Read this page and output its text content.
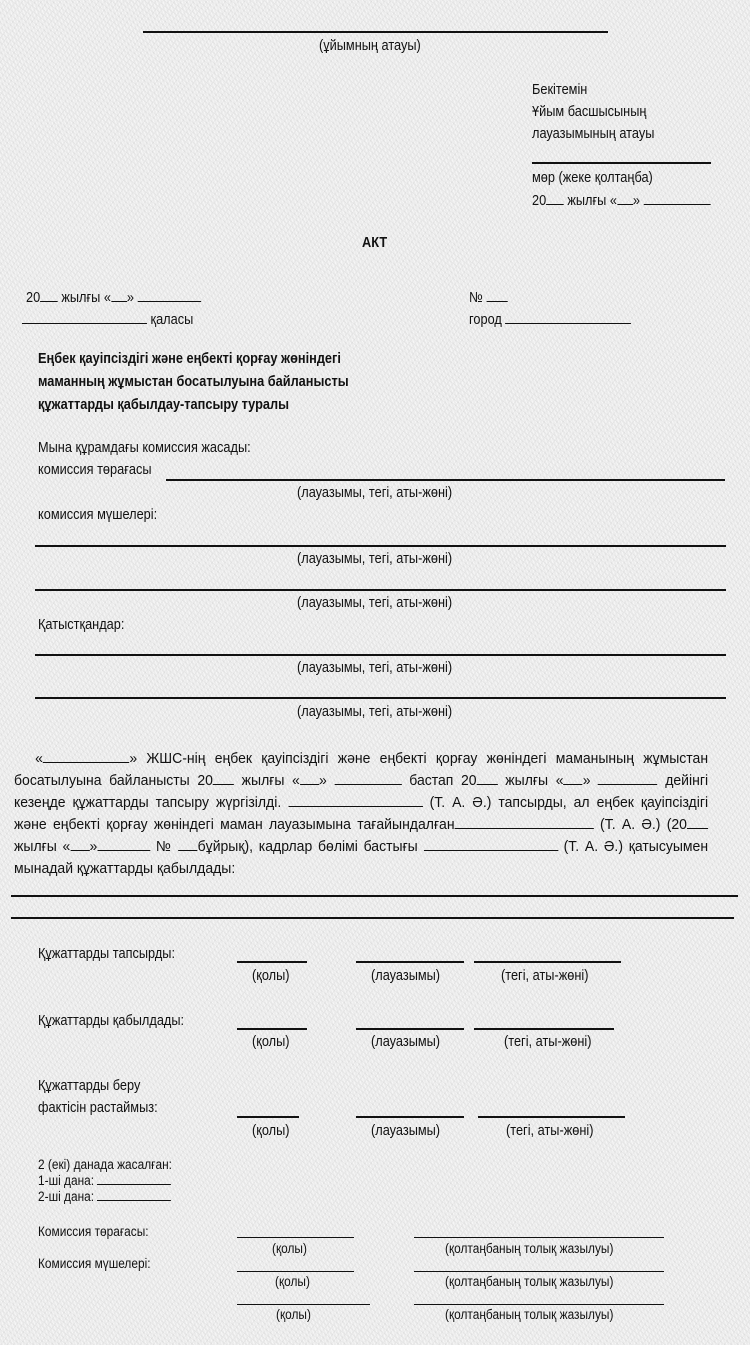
(ұйымның атауы)
Бекітемін
Ұйым басшысының
лауазымының атауы
мөр (жеке қолтаңба)
20 жылғы « »
АКТ
20 жылғы « »
қаласы
№
город
Еңбек қауіпсіздігі және еңбекті қорғау жөніндегі
маманның жұмыстан босатылуына байланысты
құжаттарды қабылдау-тапсыру туралы
Мына құрамдағы комиссия жасады:
комиссия төрағасы
(лауазымы, тегі, аты-жөні)
комиссия мүшелері:
(лауазымы, тегі, аты-жөні)
(лауазымы, тегі, аты-жөні)
Қатыстқандар:
(лауазымы, тегі, аты-жөні)
(лауазымы, тегі, аты-жөні)
«	» ЖШС-нің еңбек қауіпсіздігі және еңбекті қорғау жөніндегі маманының жұмыстан босатылуына байланысты 20 жылғы « »	бастап 20 жылғы « »	дейінгі кезеңде құжаттарды тапсыру жүргізілді.	(Т. А. Ә.) тапсырды, ал еңбек қауіпсіздігі және еңбекті қорғау жөніндегі маман лауазымына тағайындалған	(Т. А. Ә.) (20 жылғы « »	№ бұйрық), кадрлар бөлімі бастығы	(Т. А. Ә.) қатысуымен мынадай құжаттарды қабылдады:
Құжаттарды тапсырды:
(қолы)	(лауазымы)	(тегі, аты-жөні)
Құжаттарды қабылдады:
(қолы)	(лауазымы)	(тегі, аты-жөні)
Құжаттарды беру
фактісін растаймыз:
(қолы)	(лауазымы)	(тегі, аты-жөні)
2 (екі) данада жасалған:
1-ші дана:
2-ші дана:
Комиссия төрағасы:
(қолы)	(қолтаңбаның толық жазылуы)
Комиссия мүшелері:
(қолы)	(қолтаңбаның толық жазылуы)
(қолы)	(қолтаңбаның толық жазылуы)
